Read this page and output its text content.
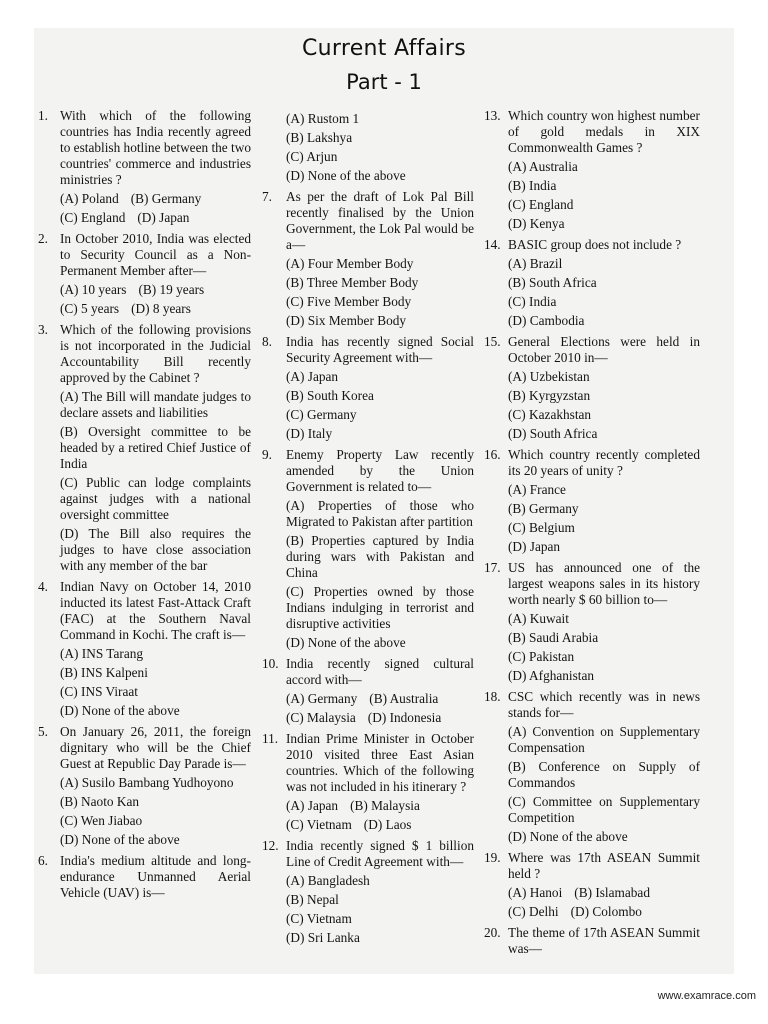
Current Affairs
Part - 1
1. With which of the following countries has India recently agreed to establish hotline between the two countries' commerce and industries ministries ?
(A) Poland (B) Germany
(C) England (D) Japan
2. In October 2010, India was elected to Security Council as a Non-Permanent Member after—
(A) 10 years (B) 19 years
(C) 5 years (D) 8 years
3. Which of the following provisions is not incorporated in the Judicial Accountability Bill recently approved by the Cabinet ?
(A) The Bill will mandate judges to declare assets and liabilities
(B) Oversight committee to be headed by a retired Chief Justice of India
(C) Public can lodge complaints against judges with a national oversight committee
(D) The Bill also requires the judges to have close association with any member of the bar
4. Indian Navy on October 14, 2010 inducted its latest Fast-Attack Craft (FAC) at the Southern Naval Command in Kochi. The craft is—
(A) INS Tarang
(B) INS Kalpeni
(C) INS Viraat
(D) None of the above
5. On January 26, 2011, the foreign dignitary who will be the Chief Guest at Republic Day Parade is—
(A) Susilo Bambang Yudhoyono
(B) Naoto Kan
(C) Wen Jiabao
(D) None of the above
6. India's medium altitude and long-endurance Unmanned Aerial Vehicle (UAV) is—
(A) Rustom 1
(B) Lakshya
(C) Arjun
(D) None of the above
7.	As per the draft of Lok Pal Bill recently finalised by the Union Government, the Lok Pal would be a—
(A) Four Member Body
(B) Three Member Body
(C) Five Member Body
(D) Six Member Body
8.	India has recently signed Social Security Agreement with—
(A) Japan
(B) South Korea
(C) Germany
(D) Italy
9.	Enemy Property Law recently amended by the Union Government is related to—
(A) Properties of those who Migrated to Pakistan after partition
(B) Properties captured by India during wars with Pakistan and China
(C) Properties owned by those Indians indulging in terrorist and disruptive activities
(D) None of the above
10. India recently signed cultural accord with—
(A) Germany (B) Australia
(C) Malaysia (D) Indonesia
11. Indian Prime Minister in October 2010 visited three East Asian countries. Which of the following was not included in his itinerary ?
(A) Japan (B) Malaysia
(C) Vietnam (D) Laos
12. India recently signed $ 1 billion Line of Credit Agreement with—
(A) Bangladesh
(B) Nepal
(C) Vietnam
(D) Sri Lanka
13. Which country won highest number of gold medals in XIX Commonwealth Games ?
(A) Australia
(B) India
(C) England
(D) Kenya
14. BASIC group does not include ?
(A) Brazil
(B) South Africa
(C) India
(D) Cambodia
15. General Elections were held in October 2010 in—
(A) Uzbekistan
(B) Kyrgyzstan
(C) Kazakhstan
(D) South Africa
16. Which country recently completed its 20 years of unity ?
(A) France
(B) Germany
(C) Belgium
(D) Japan
17. US has announced one of the largest weapons sales in its history worth nearly $ 60 billion to—
(A) Kuwait
(B) Saudi Arabia
(C) Pakistan
(D) Afghanistan
18. CSC which recently was in news stands for—
(A) Convention on Supplementary Compensation
(B) Conference on Supply of Commandos
(C) Committee on Supplementary Competition
(D) None of the above
19. Where was 17th ASEAN Summit held ?
(A) Hanoi (B) Islamabad
(C) Delhi (D) Colombo
20. The theme of 17th ASEAN Summit was—
www.examrace.com
